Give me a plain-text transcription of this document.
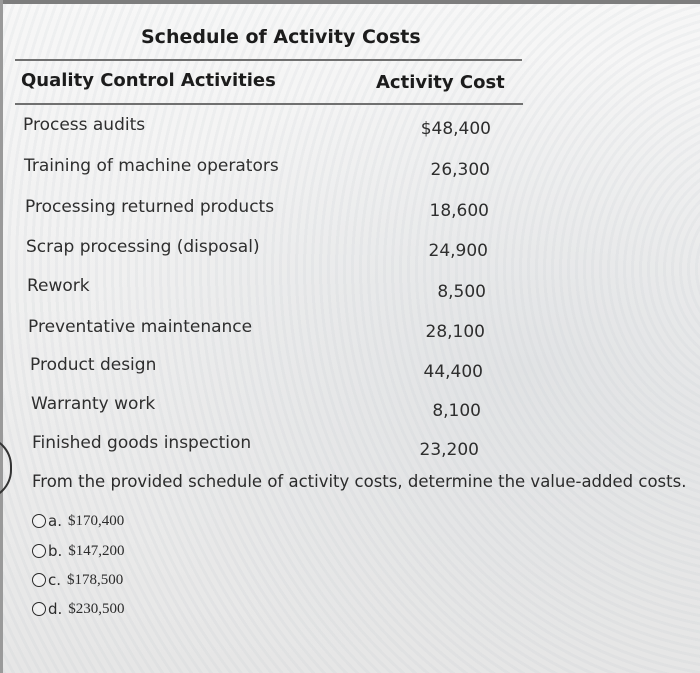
Schedule of Activity Costs
Quality Control Activities	Activity Cost
Process audits	$48,400
Training of machine operators	26,300
Processing returned products	18,600
Scrap processing (disposal)	24,900
Rework	8,500
Preventative maintenance	28,100
Product design	44,400
Warranty work	8,100
Finished goods inspection	23,200
From the provided schedule of activity costs, determine the value-added costs.
a. $170,400
b. $147,200
c. $178,500
d. $230,500
